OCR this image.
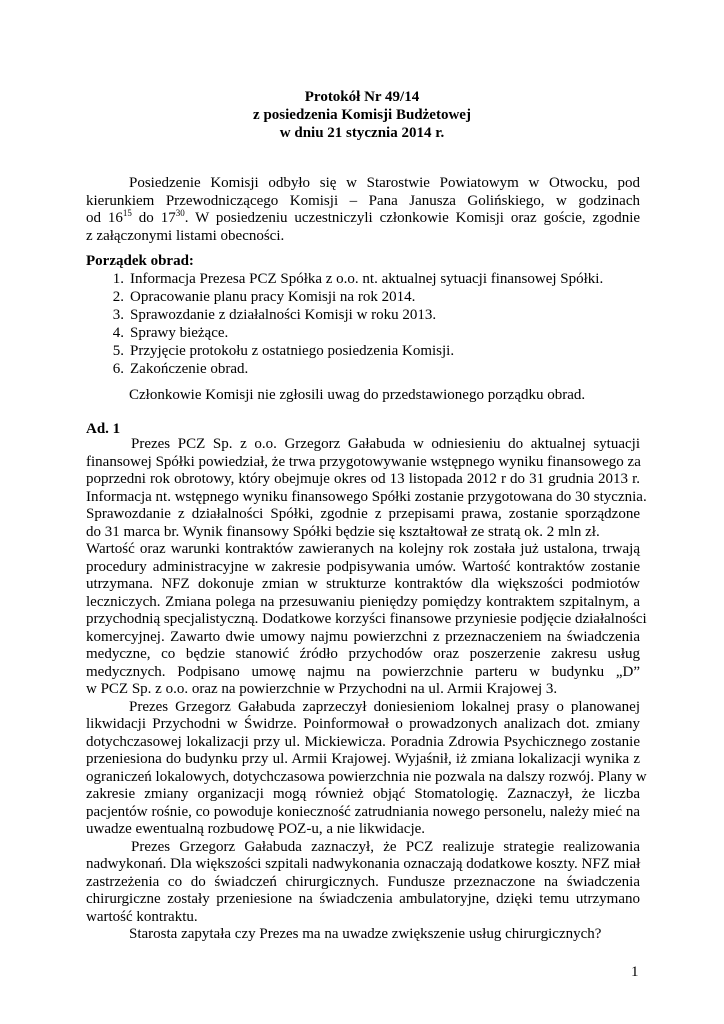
Protokół Nr 49/14
z posiedzenia Komisji Budżetowej
w dniu 21 stycznia 2014 r.
Posiedzenie Komisji odbyło się w Starostwie Powiatowym w Otwocku, pod
kierunkiem Przewodniczącego Komisji – Pana Janusza Golińskiego, w godzinach
od $16^{15}$ do $17^{30}$. W posiedzeniu uczestniczyli członkowie Komisji oraz goście, zgodnie
z załączonymi listami obecności.
Porządek obrad:
1. Informacja Prezesa PCZ Spółka z o.o. nt. aktualnej sytuacji finansowej Spółki.
2. Opracowanie planu pracy Komisji na rok 2014.
3. Sprawozdanie z działalności Komisji w roku 2013.
4. Sprawy bieżące.
5. Przyjęcie protokołu z ostatniego posiedzenia Komisji.
6. Zakończenie obrad.
Członkowie Komisji nie zgłosili uwag do przedstawionego porządku obrad.
Ad. 1
Prezes PCZ Sp. z o.o. Grzegorz Gałabuda w odniesieniu do aktualnej sytuacji
finansowej Spółki powiedział, że trwa przygotowywanie wstępnego wyniku finansowego za
poprzedni rok obrotowy, który obejmuje okres od 13 listopada 2012 r do 31 grudnia 2013 r.
Informacja nt. wstępnego wyniku finansowego Spółki zostanie przygotowana do 30 stycznia.
Sprawozdanie z działalności Spółki, zgodnie z przepisami prawa, zostanie sporządzone
do 31 marca br. Wynik finansowy Spółki będzie się kształtował ze stratą ok. 2 mln zł.
Wartość oraz warunki kontraktów zawieranych na kolejny rok została już ustalona, trwają
procedury administracyjne w zakresie podpisywania umów. Wartość kontraktów zostanie
utrzymana. NFZ dokonuje zmian w strukturze kontraktów dla większości podmiotów
leczniczych. Zmiana polega na przesuwaniu pieniędzy pomiędzy kontraktem szpitalnym, a
przychodnią specjalistyczną. Dodatkowe korzyści finansowe przyniesie podjęcie działalności
komercyjnej. Zawarto dwie umowy najmu powierzchni z przeznaczeniem na świadczenia
medyczne, co będzie stanowić źródło przychodów oraz poszerzenie zakresu usług
medycznych. Podpisano umowę najmu na powierzchnie parteru w budynku „D”
w PCZ Sp. z o.o. oraz na powierzchnie w Przychodni na ul. Armii Krajowej 3.
Prezes Grzegorz Gałabuda zaprzeczył doniesieniom lokalnej prasy o planowanej
likwidacji Przychodni w Świdrze. Poinformował o prowadzonych analizach dot. zmiany
dotychczasowej lokalizacji przy ul. Mickiewicza. Poradnia Zdrowia Psychicznego zostanie
przeniesiona do budynku przy ul. Armii Krajowej. Wyjaśnił, iż zmiana lokalizacji wynika z
ograniczeń lokalowych, dotychczasowa powierzchnia nie pozwala na dalszy rozwój. Plany w
zakresie zmiany organizacji mogą również objąć Stomatologię. Zaznaczył, że liczba
pacjentów rośnie, co powoduje konieczność zatrudniania nowego personelu, należy mieć na
uwadze ewentualną rozbudowę POZ-u, a nie likwidacje.
Prezes Grzegorz Gałabuda zaznaczył, że PCZ realizuje strategie realizowania
nadwykonań. Dla większości szpitali nadwykonania oznaczają dodatkowe koszty. NFZ miał
zastrzeżenia co do świadczeń chirurgicznych. Fundusze przeznaczone na świadczenia
chirurgiczne zostały przeniesione na świadczenia ambulatoryjne, dzięki temu utrzymano
wartość kontraktu.
Starosta zapytała czy Prezes ma na uwadze zwiększenie usług chirurgicznych?
1
